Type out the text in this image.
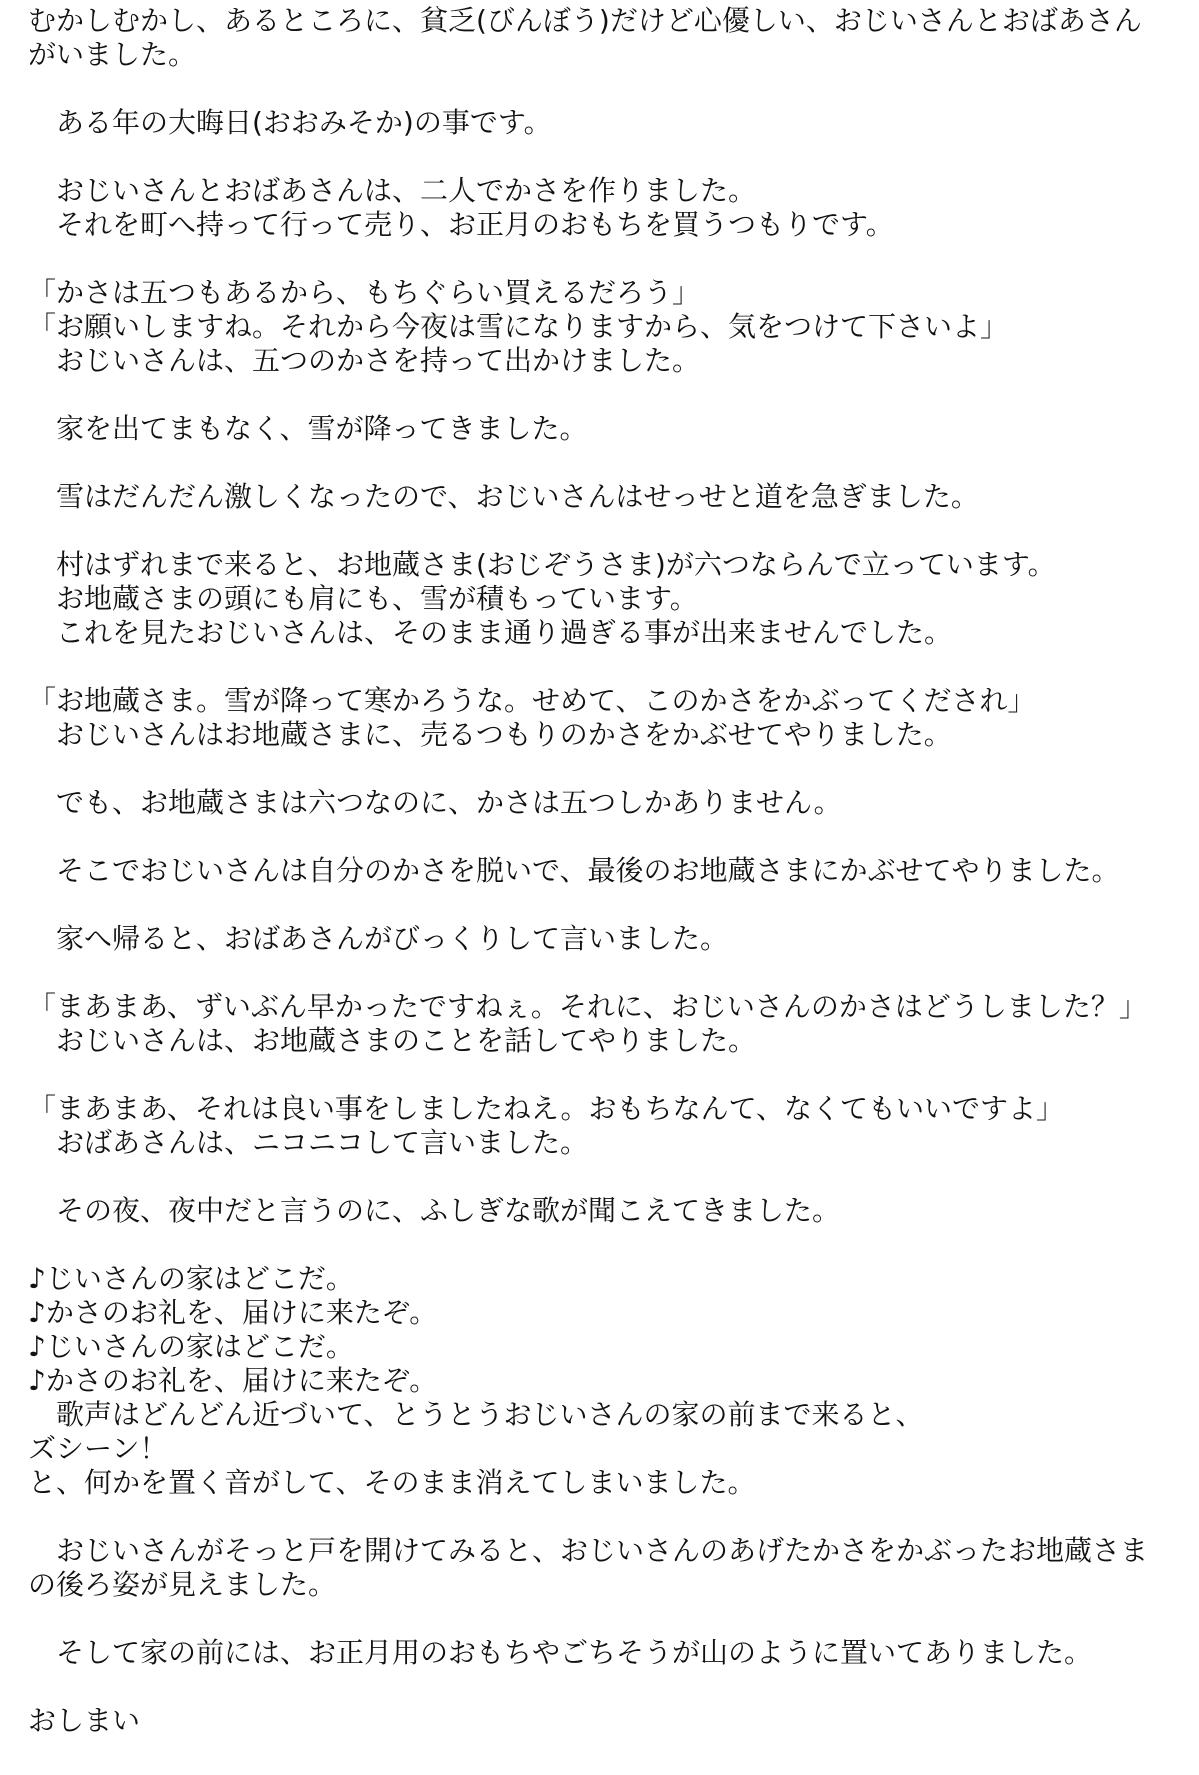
むかしむかし、あるところに、貧乏(びんぼう)だけど心優しい、おじいさんとおばあさんがいました。
　ある年の大晦日(おおみそか)の事です。
　おじいさんとおばあさんは、二人でかさを作りました。
　それを町へ持って行って売り、お正月のおもちを買うつもりです。
「かさは五つもあるから、もちぐらい買えるだろう」
「お願いしますね。それから今夜は雪になりますから、気をつけて下さいよ」
　おじいさんは、五つのかさを持って出かけました。
　家を出てまもなく、雪が降ってきました。
　雪はだんだん激しくなったので、おじいさんはせっせと道を急ぎました。
　村はずれまで来ると、お地蔵さま(おじぞうさま)が六つならんで立っています。
　お地蔵さまの頭にも肩にも、雪が積もっています。
　これを見たおじいさんは、そのまま通り過ぎる事が出来ませんでした。
「お地蔵さま。雪が降って寒かろうな。せめて、このかさをかぶってくだされ」
　おじいさんはお地蔵さまに、売るつもりのかさをかぶせてやりました。
　でも、お地蔵さまは六つなのに、かさは五つしかありません。
　そこでおじいさんは自分のかさを脱いで、最後のお地蔵さまにかぶせてやりました。
　家へ帰ると、おばあさんがびっくりして言いました。
「まあまあ、ずいぶん早かったですねぇ。それに、おじいさんのかさはどうしました？」
　おじいさんは、お地蔵さまのことを話してやりました。
「まあまあ、それは良い事をしましたねえ。おもちなんて、なくてもいいですよ」
　おばあさんは、ニコニコして言いました。
　その夜、夜中だと言うのに、ふしぎな歌が聞こえてきました。
♪じいさんの家はどこだ。
♪かさのお礼を、届けに来たぞ。
♪じいさんの家はどこだ。
♪かさのお礼を、届けに来たぞ。
　歌声はどんどん近づいて、とうとうおじいさんの家の前まで来ると、
ズシーン！
と、何かを置く音がして、そのまま消えてしまいました。
　おじいさんがそっと戸を開けてみると、おじいさんのあげたかさをかぶったお地蔵さまの後ろ姿が見えました。
　そして家の前には、お正月用のおもちやごちそうが山のように置いてありました。
おしまい
